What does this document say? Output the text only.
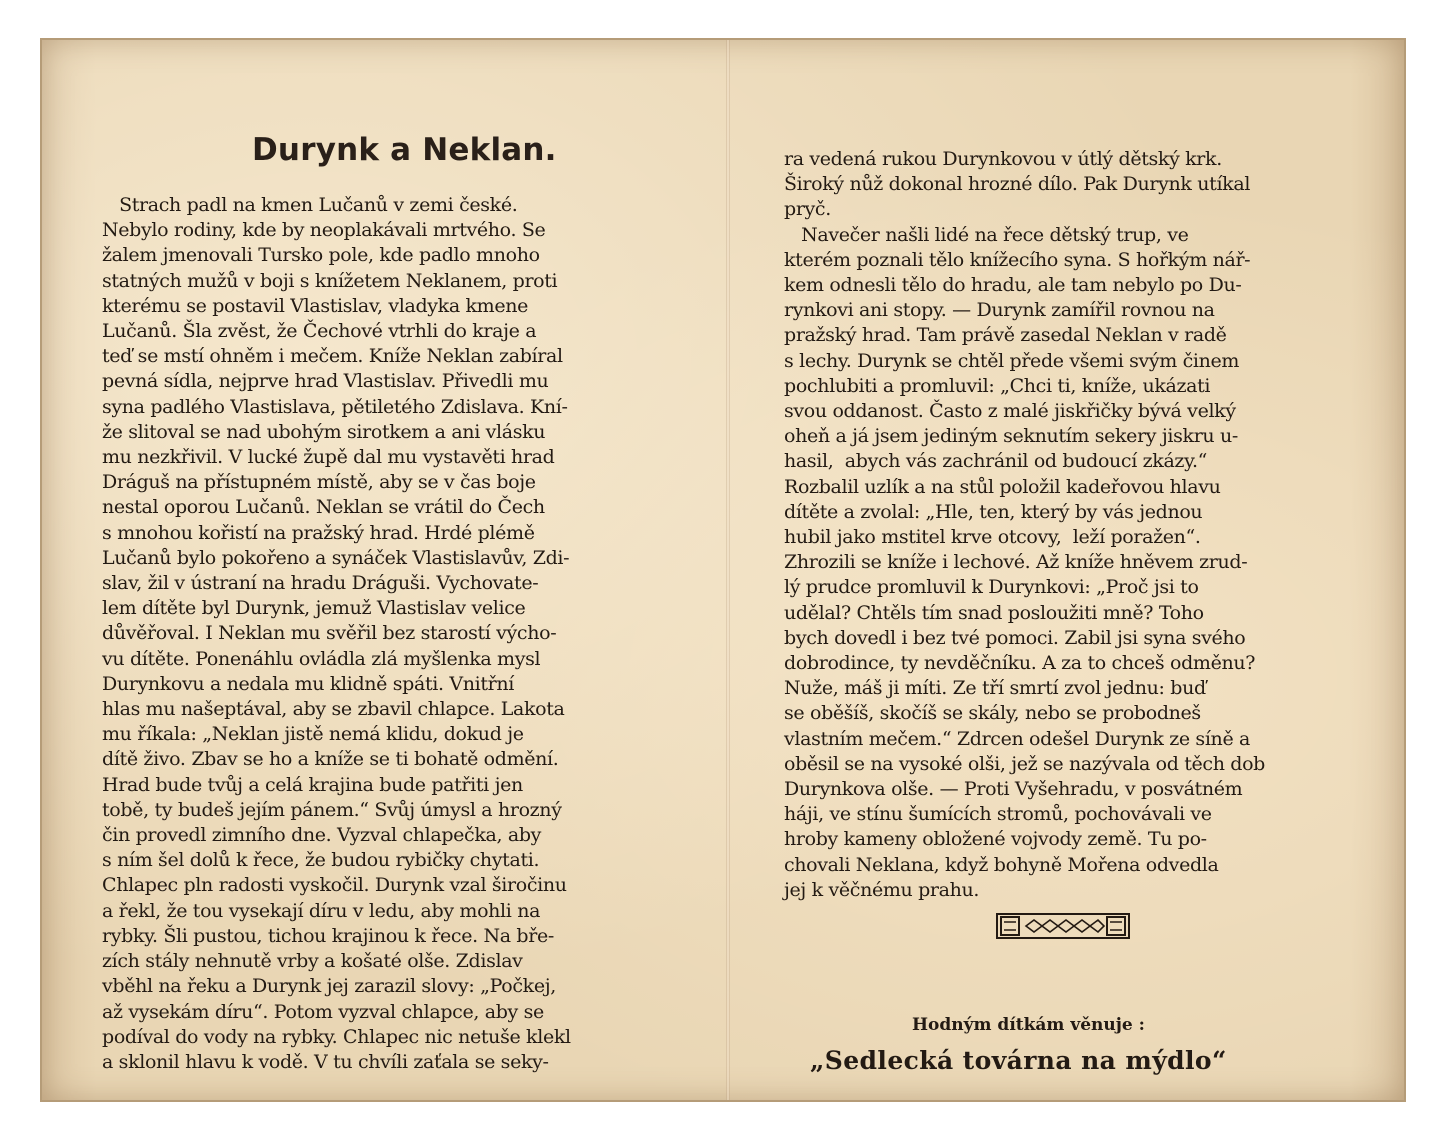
Durynk a Neklan.
Strach padl na kmen Lučanů v zemi české.
Nebylo rodiny, kde by neoplakávali mrtvého. Se
žalem jmenovali Tursko pole, kde padlo mnoho
statných mužů v boji s knížetem Neklanem, proti
kterému se postavil Vlastislav, vladyka kmene
Lučanů. Šla zvěst, že Čechové vtrhli do kraje a
teď se mstí ohněm i mečem. Kníže Neklan zabíral
pevná sídla, nejprve hrad Vlastislav. Přivedli mu
syna padlého Vlastislava, pětiletého Zdislava. Kní-
že slitoval se nad ubohým sirotkem a ani vlásku
mu nezkřivil. V lucké župě dal mu vystavěti hrad
Dráguš na přístupném místě, aby se v čas boje
nestal oporou Lučanů. Neklan se vrátil do Čech
s mnohou kořistí na pražský hrad. Hrdé plémě
Lučanů bylo pokořeno a synáček Vlastislavův, Zdi-
slav, žil v ústraní na hradu Dráguši. Vychovate-
lem dítěte byl Durynk, jemuž Vlastislav velice
důvěřoval. I Neklan mu svěřil bez starostí výcho-
vu dítěte. Ponenáhlu ovládla zlá myšlenka mysl
Durynkovu a nedala mu klidně spáti. Vnitřní
hlas mu našeptával, aby se zbavil chlapce. Lakota
mu říkala: „Neklan jistě nemá klidu, dokud je
dítě živo. Zbav se ho a kníže se ti bohatě odmění.
Hrad bude tvůj a celá krajina bude patřiti jen
tobě, ty budeš jejím pánem.“ Svůj úmysl a hrozný
čin provedl zimního dne. Vyzval chlapečka, aby
s ním šel dolů k řece, že budou rybičky chytati.
Chlapec pln radosti vyskočil. Durynk vzal širočinu
a řekl, že tou vysekají díru v ledu, aby mohli na
rybky. Šli pustou, tichou krajinou k řece. Na bře-
zích stály nehnutě vrby a košaté olše. Zdislav
vběhl na řeku a Durynk jej zarazil slovy: „Počkej,
až vysekám díru“. Potom vyzval chlapce, aby se
podíval do vody na rybky. Chlapec nic netuše klekl
a sklonil hlavu k vodě. V tu chvíli zaťala se seky-
ra vedená rukou Durynkovou v útlý dětský krk.
Široký nůž dokonal hrozné dílo. Pak Durynk utíkal
pryč.
Navečer našli lidé na řece dětský trup, ve
kterém poznali tělo knížecího syna. S hořkým nář-
kem odnesli tělo do hradu, ale tam nebylo po Du-
rynkovi ani stopy. — Durynk zamířil rovnou na
pražský hrad. Tam právě zasedal Neklan v radě
s lechy. Durynk se chtěl předе všemi svým činem
pochlubiti a promluvil: „Chci ti, kníže, ukázati
svou oddanost. Často z malé jiskřičky bývá velký
oheň a já jsem jediným seknutím sekery jiskru u-
hasil,  abych vás zachránil od budoucí zkázy.“
Rozbalil uzlík a na stůl položil kadeřovou hlavu
dítěte a zvolal: „Hle, ten, který by vás jednou
hubil jako mstitel krve otcovy,  leží poražen“.
Zhrozili se kníže i lechové. Až kníže hněvem zrud-
lý prudce promluvil k Durynkovi: „Proč jsi to
udělal? Chtěls tím snad posloužiti mně? Toho
bych dovedl i bez tvé pomoci. Zabil jsi syna svého
dobrodince, ty nevděčníku. A za to chceš odměnu?
Nuže, máš ji míti. Ze tří smrtí zvol jednu: buď
se oběšíš, skočíš se skály, nebo se probodneš
vlastním mečem.“ Zdrcen odešel Durynk ze síně a
oběsil se na vysoké olši, jež se nazývala od těch dob
Durynkova olše. — Proti Vyšehradu, v posvátném
háji, ve stínu šumících stromů, pochovávali ve
hroby kameny obložené vojvody země. Tu po-
chovali Neklana, když bohyně Mořena odvedla
jej k věčnému prahu.
Hodným dítkám věnuje :
„Sedlecká továrna na mýdlo“
